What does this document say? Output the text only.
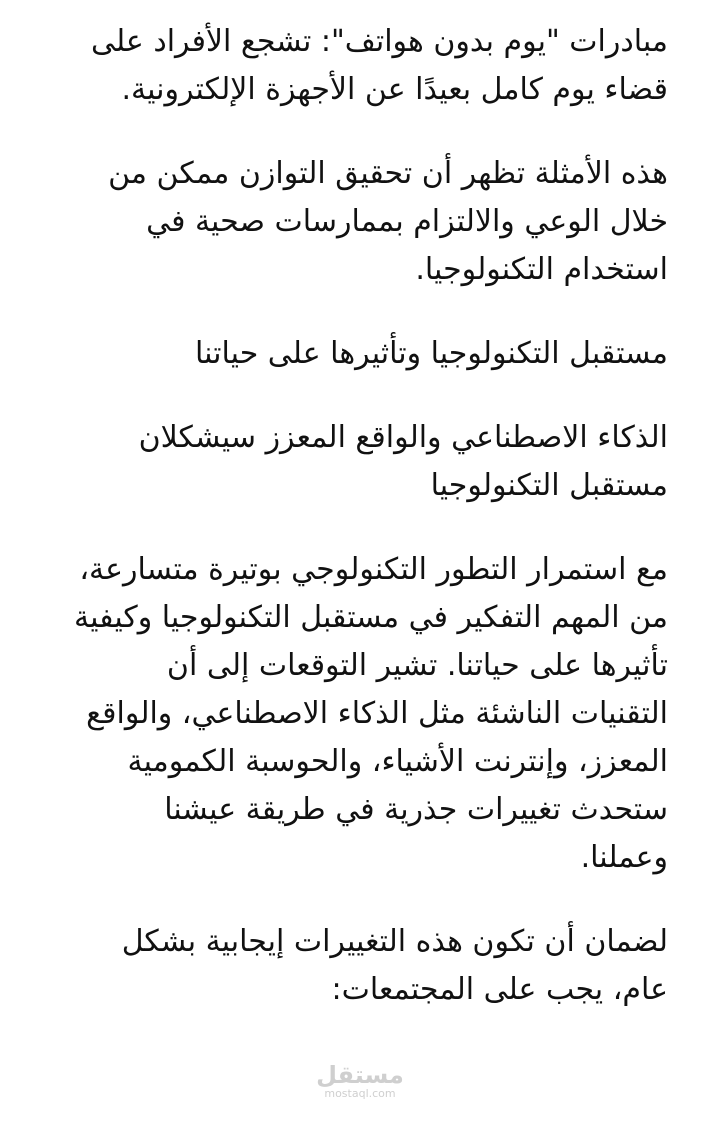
مبادرات "يوم بدون هواتف": تشجع الأفراد على قضاء يوم كامل بعيدًا عن الأجهزة الإلكترونية.

هذه الأمثلة تظهر أن تحقيق التوازن ممكن من خلال الوعي والالتزام بممارسات صحية في استخدام التكنولوجيا.

مستقبل التكنولوجيا وتأثيرها على حياتنا

الذكاء الاصطناعي والواقع المعزز سيشكلان مستقبل التكنولوجيا

مع استمرار التطور التكنولوجي بوتيرة متسارعة، من المهم التفكير في مستقبل التكنولوجيا وكيفية تأثيرها على حياتنا. تشير التوقعات إلى أن التقنيات الناشئة مثل الذكاء الاصطناعي، والواقع المعزز، وإنترنت الأشياء، والحوسبة الكمومية ستحدث تغييرات جذرية في طريقة عيشنا وعملنا.

لضمان أن تكون هذه التغييرات إيجابية بشكل عام، يجب على المجتمعات:

مستقل
mostaql.com
